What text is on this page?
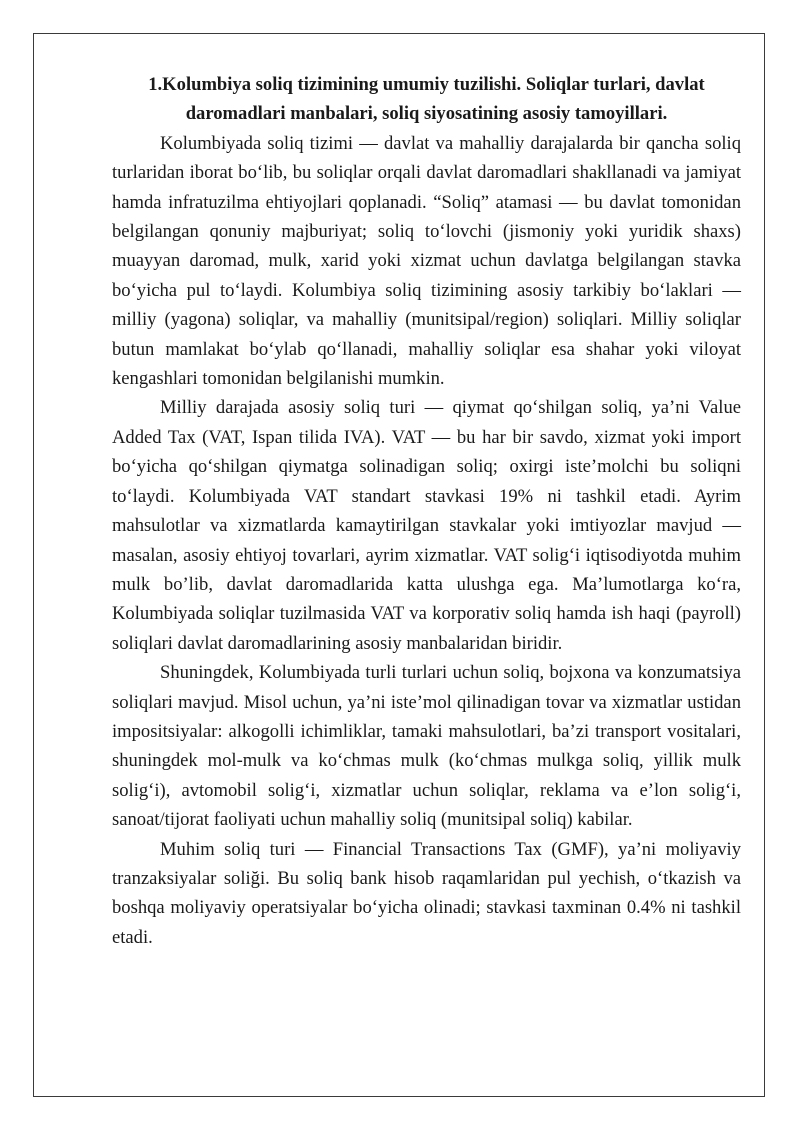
1.Kolumbiya soliq tizimining umumiy tuzilishi. Soliqlar turlari, davlat daromadlari manbalari, soliq siyosatining asosiy tamoyillari.

Kolumbiyada soliq tizimi — davlat va mahalliy darajalarda bir qancha soliq turlaridan iborat bo‘lib, bu soliqlar orqali davlat daromadlari shakllanadi va jamiyat hamda infratuzilma ehtiyojlari qoplanadi. “Soliq” atamasi — bu davlat tomonidan belgilangan qonuniy majburiyat; soliq to‘lovchi (jismoniy yoki yuridik shaxs) muayyan daromad, mulk, xarid yoki xizmat uchun davlatga belgilangan stavka bo‘yicha pul to‘laydi. Kolumbiya soliq tizimining asosiy tarkibiy bo‘laklari — milliy (yagona) soliqlar, va mahalliy (munitsipal/region) soliqlari. Milliy soliqlar butun mamlakat bo‘ylab qo‘llanadi, mahalliy soliqlar esa shahar yoki viloyat kengashlari tomonidan belgilanishi mumkin.

Milliy darajada asosiy soliq turi — qiymat qo‘shilgan soliq, ya’ni Value Added Tax (VAT, Ispan tilida IVA). VAT — bu har bir savdo, xizmat yoki import bo‘yicha qo‘shilgan qiymatga solinadigan soliq; oxirgi iste’molchi bu soliqni to‘laydi. Kolumbiyada VAT standart stavkasi 19% ni tashkil etadi. Ayrim mahsulotlar va xizmatlarda kamaytirilgan stavkalar yoki imtiyozlar mavjud — masalan, asosiy ehtiyoj tovarlari, ayrim xizmatlar. VAT solig‘i iqtisodiyotda muhim mulk bo’lib, davlat daromadlarida katta ulushga ega. Ma’lumotlarga ko‘ra, Kolumbiyada soliqlar tuzilmasida VAT va korporativ soliq hamda ish haqi (payroll) soliqlari davlat daromadlarining asosiy manbalaridan biridir.

Shuningdek, Kolumbiyada turli turlari uchun soliq, bojxona va konzumatsiya soliqlari mavjud. Misol uchun, ya’ni iste’mol qilinadigan tovar va xizmatlar ustidan impositsiyalar: alkogolli ichimliklar, tamaki mahsulotlari, ba’zi transport vositalari, shuningdek mol-mulk va ko‘chmas mulk (ko‘chmas mulkga soliq, yillik mulk solig‘i), avtomobil solig‘i, xizmatlar uchun soliqlar, reklama va e’lon solig‘i, sanoat/tijorat faoliyati uchun mahalliy soliq (munitsipal soliq) kabilar.

Muhim soliq turi — Financial Transactions Tax (GMF), ya’ni moliyaviy tranzaksiyalar soliği. Bu soliq bank hisob raqamlaridan pul yechish, o‘tkazish va boshqa moliyaviy operatsiyalar bo‘yicha olinadi; stavkasi taxminan 0.4% ni tashkil etadi.
